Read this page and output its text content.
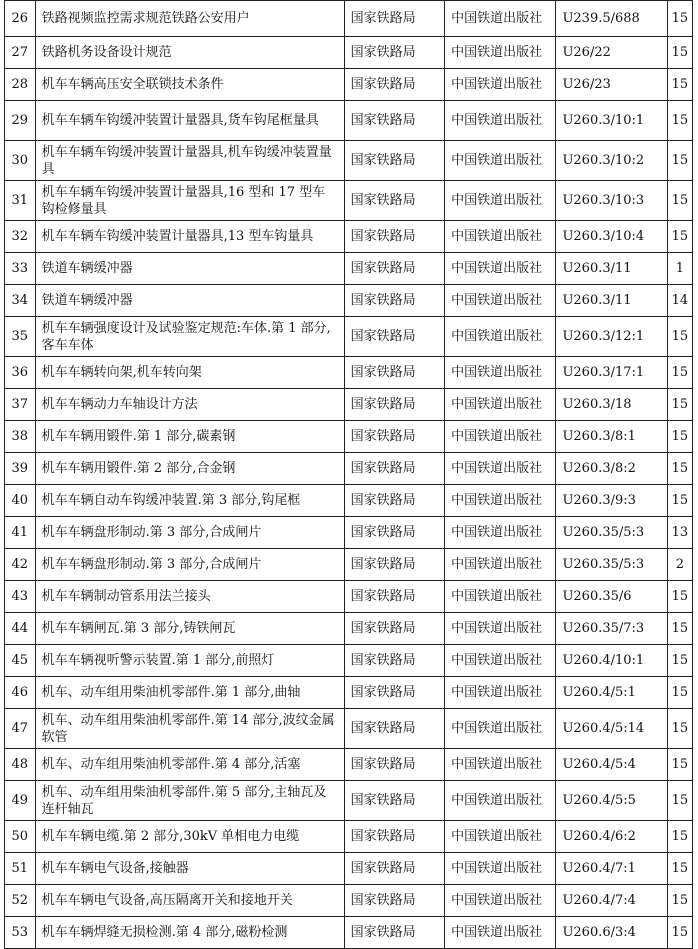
26	铁路视频监控需求规范铁路公安用户	国家铁路局	中国铁道出版社	U239.5/688	15
27	铁路机务设备设计规范	国家铁路局	中国铁道出版社	U26/22	15
28	机车车辆高压安全联锁技术条件	国家铁路局	中国铁道出版社	U26/23	15
29	机车车辆车钩缓冲装置计量器具,货车钩尾框量具	国家铁路局	中国铁道出版社	U260.3/10:1	15
30	机车车辆车钩缓冲装置计量器具,机车钩缓冲装置量具	国家铁路局	中国铁道出版社	U260.3/10:2	15
31	机车车辆车钩缓冲装置计量器具,16 型和 17 型车钩检修量具	国家铁路局	中国铁道出版社	U260.3/10:3	15
32	机车车辆车钩缓冲装置计量器具,13 型车钩量具	国家铁路局	中国铁道出版社	U260.3/10:4	15
33	铁道车辆缓冲器	国家铁路局	中国铁道出版社	U260.3/11	1
34	铁道车辆缓冲器	国家铁路局	中国铁道出版社	U260.3/11	14
35	机车车辆强度设计及试验鉴定规范:车体.第 1 部分,客车车体	国家铁路局	中国铁道出版社	U260.3/12:1	15
36	机车车辆转向架,机车转向架	国家铁路局	中国铁道出版社	U260.3/17:1	15
37	机车车辆动力车轴设计方法	国家铁路局	中国铁道出版社	U260.3/18	15
38	机车车辆用锻件.第 1 部分,碳素钢	国家铁路局	中国铁道出版社	U260.3/8:1	15
39	机车车辆用锻件.第 2 部分,合金钢	国家铁路局	中国铁道出版社	U260.3/8:2	15
40	机车车辆自动车钩缓冲装置.第 3 部分,钩尾框	国家铁路局	中国铁道出版社	U260.3/9:3	15
41	机车车辆盘形制动.第 3 部分,合成闸片	国家铁路局	中国铁道出版社	U260.35/5:3	13
42	机车车辆盘形制动.第 3 部分,合成闸片	国家铁路局	中国铁道出版社	U260.35/5:3	2
43	机车车辆制动管系用法兰接头	国家铁路局	中国铁道出版社	U260.35/6	15
44	机车车辆闸瓦.第 3 部分,铸铁闸瓦	国家铁路局	中国铁道出版社	U260.35/7:3	15
45	机车车辆视听警示装置.第 1 部分,前照灯	国家铁路局	中国铁道出版社	U260.4/10:1	15
46	机车、动车组用柴油机零部件.第 1 部分,曲轴	国家铁路局	中国铁道出版社	U260.4/5:1	15
47	机车、动车组用柴油机零部件.第 14 部分,波纹金属软管	国家铁路局	中国铁道出版社	U260.4/5:14	15
48	机车、动车组用柴油机零部件.第 4 部分,活塞	国家铁路局	中国铁道出版社	U260.4/5:4	15
49	机车、动车组用柴油机零部件.第 5 部分,主轴瓦及连杆轴瓦	国家铁路局	中国铁道出版社	U260.4/5:5	15
50	机车车辆电缆.第 2 部分,30kV 单相电力电缆	国家铁路局	中国铁道出版社	U260.4/6:2	15
51	机车车辆电气设备,接触器	国家铁路局	中国铁道出版社	U260.4/7:1	15
52	机车车辆电气设备,高压隔离开关和接地开关	国家铁路局	中国铁道出版社	U260.4/7:4	15
53	机车车辆焊缝无损检测.第 4 部分,磁粉检测	国家铁路局	中国铁道出版社	U260.6/3:4	15
